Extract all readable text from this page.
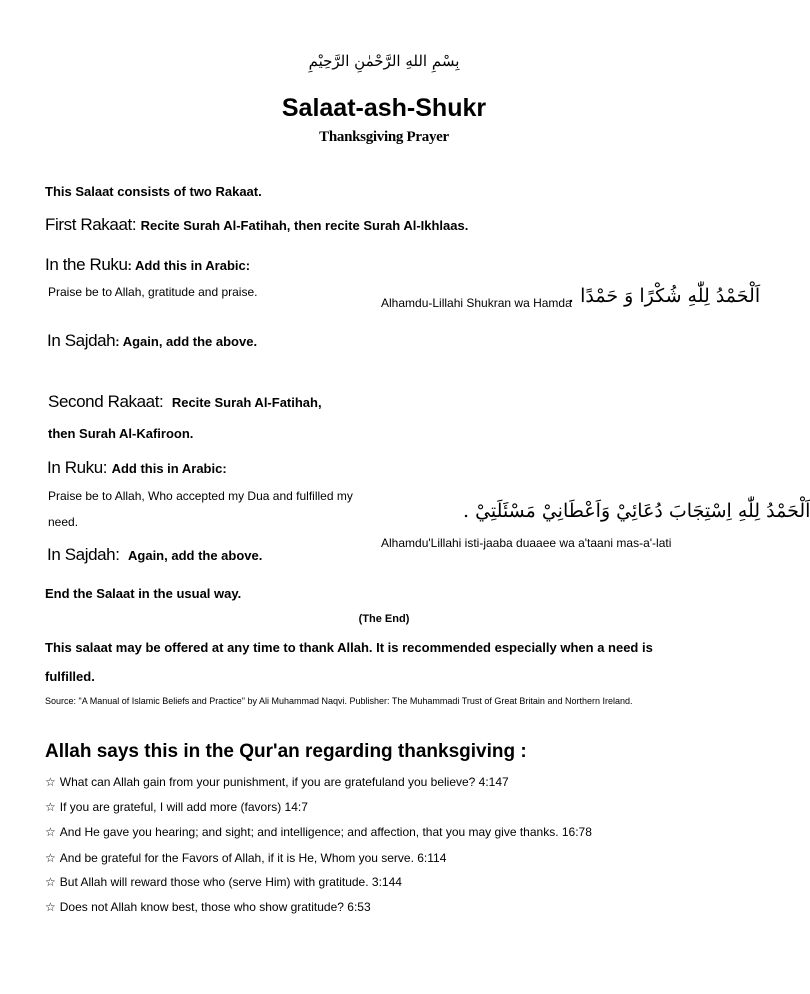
بِسْمِ اللهِ الرَّحْمٰنِ الرَّحِيْمِ
Salaat-ash-Shukr
Thanksgiving Prayer
This Salaat consists of two Rakaat.
First Rakaat: Recite Surah Al-Fatihah, then recite Surah Al-Ikhlaas.
In the Ruku: Add this in Arabic:
Praise be to Allah, gratitude and praise.
Alhamdu-Lillahi Shukran wa Hamda
اَلْحَمْدُ لِلّٰهِ شُكْرًا وَ حَمْدًا .
In Sajdah: Again, add the above.
Second Rakaat: Recite Surah Al-Fatihah,
then Surah Al-Kafiroon.
In Ruku: Add this in Arabic:
Praise be to Allah, Who accepted my Dua and fulfilled my
need.	اَلْحَمْدُ لِلّٰهِ اِسْتِجَابَ دُعَائِيْ وَاَعْطَانِيْ مَسْئَلَتِيْ .
Alhamdu'Lillahi isti-jaaba duaaee wa a'taani mas-a'-lati
In Sajdah: Again, add the above.
End the Salaat in the usual way.
(The End)
This salaat may be offered at any time to thank Allah. It is recommended especially when a need is
fulfilled.
Source: "A Manual of Islamic Beliefs and Practice" by Ali Muhammad Naqvi. Publisher: The Muhammadi Trust of Great Britain and Northern Ireland.
Allah says this in the Qur'an regarding thanksgiving :
☆ What can Allah gain from your punishment, if you are gratefuland you believe? 4:147
☆ If you are grateful, I will add more (favors) 14:7
☆ And He gave you hearing; and sight; and intelligence; and affection, that you may give thanks. 16:78
☆ And be grateful for the Favors of Allah, if it is He, Whom you serve. 6:114
☆ But Allah will reward those who (serve Him) with gratitude. 3:144
☆ Does not Allah know best, those who show gratitude? 6:53
